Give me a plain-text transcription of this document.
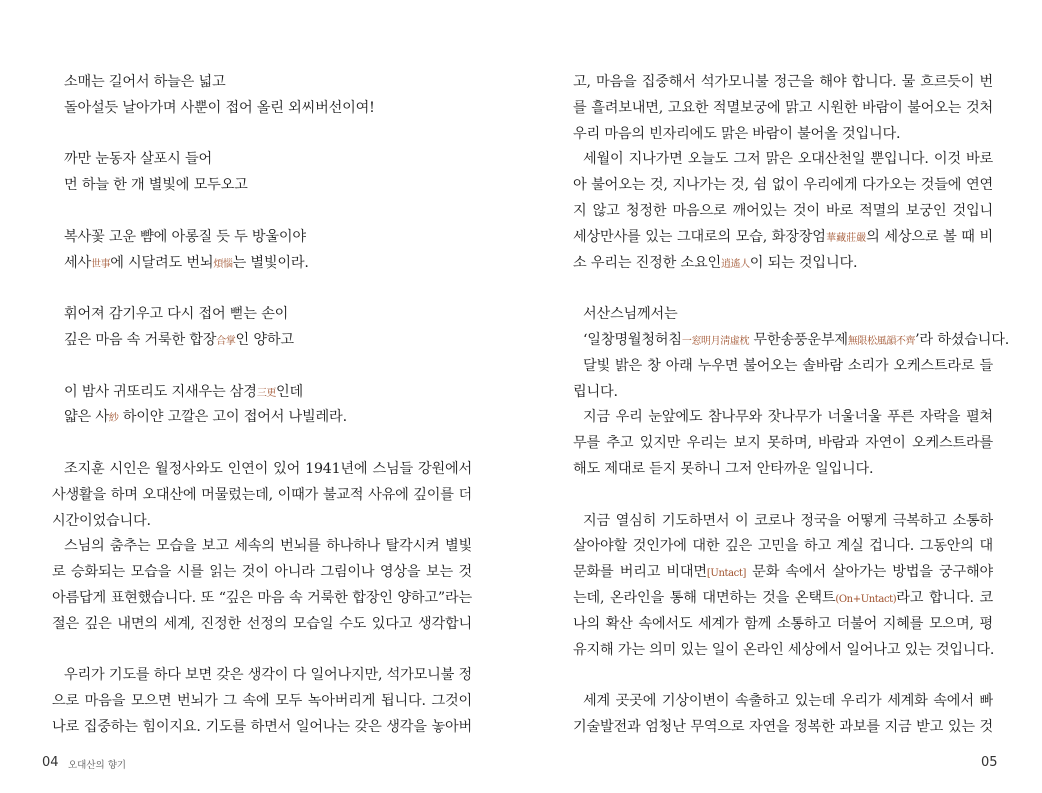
소매는 길어서 하늘은 넓고
돌아설듯 날아가며 사뿐이 접어 올린 외씨버선이여!
까만 눈동자 살포시 들어
먼 하늘 한 개 별빛에 모두오고
복사꽃 고운 뺨에 아롱질 듯 두 방울이야
세사世事에 시달려도 번뇌煩惱는 별빛이라.
휘어져 감기우고 다시 접어 뻗는 손이
깊은 마음 속 거룩한 합장合掌인 양하고
이 밤사 귀또리도 지새우는 삼경三更인데
얇은 사紗 하이얀 고깔은 고이 접어서 나빌레라.
조지훈 시인은 월정사와도 인연이 있어 1941년에 스님들 강원에서
사생활을 하며 오대산에 머물렀는데, 이때가 불교적 사유에 깊이를 더
시간이었습니다.
스님의 춤추는 모습을 보고 세속의 번뇌를 하나하나 탈각시켜 별빛
로 승화되는 모습을 시를 읽는 것이 아니라 그림이나 영상을 보는 것
아름답게 표현했습니다. 또 “깊은 마음 속 거룩한 합장인 양하고”라는
절은 깊은 내면의 세계, 진정한 선정의 모습일 수도 있다고 생각합니
우리가 기도를 하다 보면 갖은 생각이 다 일어나지만, 석가모니불 정
으로 마음을 모으면 번뇌가 그 속에 모두 녹아버리게 됩니다. 그것이
나로 집중하는 힘이지요. 기도를 하면서 일어나는 갖은 생각을 놓아버
04 오대산의 향기
고, 마음을 집중해서 석가모니불 정근을 해야 합니다. 물 흐르듯이 번
를 흘려보내면, 고요한 적멸보궁에 맑고 시원한 바람이 불어오는 것처
우리 마음의 빈자리에도 맑은 바람이 불어올 것입니다.
세월이 지나가면 오늘도 그저 맑은 오대산천일 뿐입니다. 이것 바로
아 불어오는 것, 지나가는 것, 쉼 없이 우리에게 다가오는 것들에 연연
지 않고 청정한 마음으로 깨어있는 것이 바로 적멸의 보궁인 것입니
세상만사를 있는 그대로의 모습, 화장장엄華藏莊嚴의 세상으로 볼 때 비
소 우리는 진정한 소요인逍遙人이 되는 것입니다.
서산스님께서는
‘일창명월청허침一窓明月淸虛枕 무한송풍운부제無限松風韻不齊’라 하셨습니다.
달빛 밝은 창 아래 누우면 불어오는 솔바람 소리가 오케스트라로 들
립니다.
지금 우리 눈앞에도 참나무와 잣나무가 너울너울 푸른 자락을 펼쳐
무를 추고 있지만 우리는 보지 못하며, 바람과 자연이 오케스트라를
해도 제대로 듣지 못하니 그저 안타까운 일입니다.
지금 열심히 기도하면서 이 코로나 정국을 어떻게 극복하고 소통하
살아야할 것인가에 대한 깊은 고민을 하고 계실 겁니다. 그동안의 대
문화를 버리고 비대면[Untact] 문화 속에서 살아가는 방법을 궁구해야
는데, 온라인을 통해 대면하는 것을 온택트(On+Untact)라고 합니다. 코
나의 확산 속에서도 세계가 함께 소통하고 더불어 지혜를 모으며, 평
유지해 가는 의미 있는 일이 온라인 세상에서 일어나고 있는 것입니다.
세계 곳곳에 기상이변이 속출하고 있는데 우리가 세계화 속에서 빠
기술발전과 엄청난 무역으로 자연을 정복한 과보를 지금 받고 있는 것
05
